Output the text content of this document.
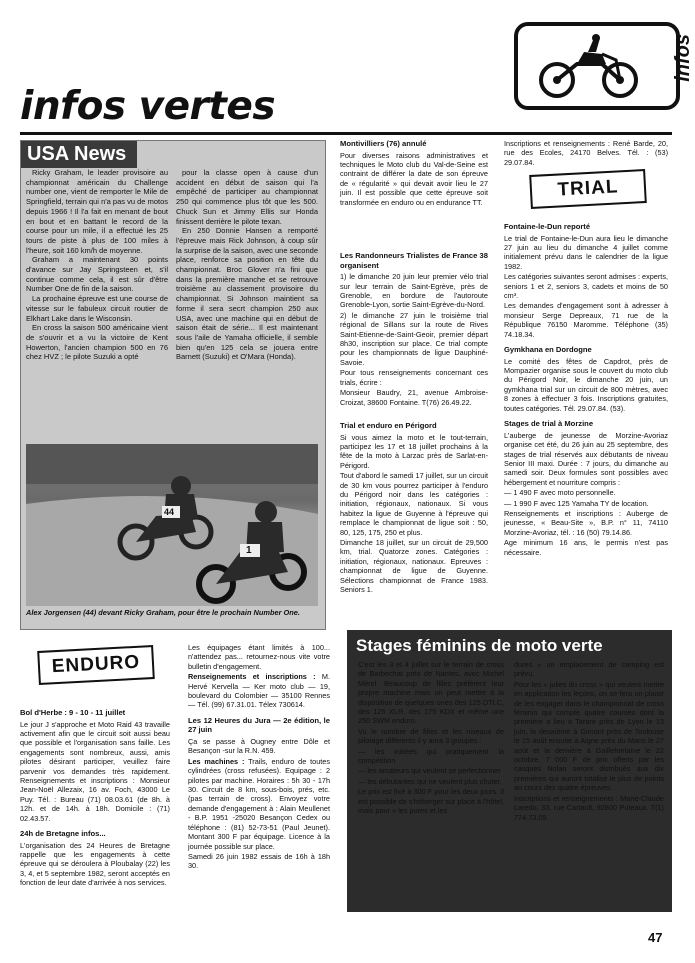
infos
infos vertes
USA News

Ricky Graham, le leader provisoire au championnat américain du Challenge number one, vient de remporter le Mile de Springfield, terrain qui n'a pas vu de motos depuis 1966 ! Il l'a fait en menant de bout en bout et en battant le record de la course pour un mile, il a effectué les 25 tours de piste à plus de 100 miles à l'heure, soit 160 km/h de moyenne.

Graham a maintenant 30 points d'avance sur Jay Springsteen et, s'il continue comme cela, il est sûr d'être Number One de fin de la saison.

La prochaine épreuve est une course de vitesse sur le fabuleux circuit routier de Elkhart Lake dans le Wisconsin.

En cross la saison 500 américaine vient de s'ouvrir et a vu la victoire de Kent Howerton, l'ancien champion 500 en 76 chez HVZ ; le pilote Suzuki a opté

pour la classe open à cause d'un accident en début de saison qui l'a empêché de participer au championnat 250 qui commence plus tôt que les 500. Chuck Sun et Jimmy Ellis sur Honda finissent derrière le pilote texan.

En 250 Donnie Hansen a remporté l'épreuve mais Rick Johnson, à coup sûr la surprise de la saison, avec une seconde place, renforce sa position en tête du championnat. Broc Glover n'a fini que dans la première manche et se retrouve troisième au classement provisoire du championnat. Si Johnson maintient sa forme il sera secrt champion 250 aux USA, avec une machine qui en début de saison était de série... Il est maintenant sous l'aile de Yamaha officielle, il semble bien qu'en 125 cela se jouera entre Barnett (Suzuki) et O'Mara (Honda).

44
1
Alex Jorgensen (44) devant Ricky Graham, pour être le prochain Number One.
Montivilliers (76) annulé

Pour diverses raisons administratives et techniques le Moto club du Val-de-Seine est contraint de différer la date de son épreuve de « régularité » qui devait avoir lieu le 27 juin. Il est possible que cette épreuve soit transformée en enduro ou en endurance TT.

Les Randonneurs Trialistes de France 38 organisent

1) le dimanche 20 juin leur premier vélo trial sur leur terrain de Saint-Egrève, près de Grenoble, en bordure de l'autoroute Grenoble-Lyon, sortie Saint-Egrève-du-Nord.

2) le dimanche 27 juin le troisième trial régional de Sillans sur la route de Rives Saint-Etienne-de-Saint-Geoir, premier départ 8h30, inscription sur place. Ce trial compte pour les championnats de ligue Dauphiné-Savoie.

Pour tous renseignements concernant ces trials, écrire :

Monsieur Baudry, 21, avenue Ambroise-Croizat, 38600 Fontaine. T(76) 26.49.22.

Trial et enduro en Périgord

Si vous aimez la moto et le tout-terrain, participez les 17 et 18 juillet prochains à la fête de la moto à Larzac près de Sarlat-en-Périgord.

Tout d'abord le samedi 17 juillet, sur un circuit de 30 km vous pourrez participer à l'enduro du Périgord noir dans les catégories : initiation, régionaux, nationaux. Si vous habitez la ligue de Guyenne à l'épreuve qui remplace le championnat de ligue soit : 50, 80, 125, 175, 250 et plus.

Dimanche 18 juillet, sur un circuit de 29,500 km, trial. Quatorze zones. Catégories : initiation, régionaux, nationaux. Epreuves : championnat de ligue de Guyenne. Sélections championnat de France 1983. Seniors 1.

Inscriptions et renseignements : René Barde, 20, rue des Ecoles, 24170 Belves. Tél. : (53) 29.07.84.
TRIAL
Fontaine-le-Dun reporté

Le trial de Fontaine-le-Dun aura lieu le dimanche 27 juin au lieu du dimanche 4 juillet comme initialement prévu dans le calendrier de la ligue 1982.

Les catégories suivantes seront admises : experts, seniors 1 et 2, seniors 3, cadets et moins de 50 cm³.

Les demandes d'engagement sont à adresser à monsieur Serge Depreaux, 71 rue de la République 76150 Maromme. Téléphone (35) 74.18.34.

Gymkhana en Dordogne

Le comité des fêtes de Capdrot, près de Mompazier organise sous le couvert du moto club du Périgord Noir, le dimanche 20 juin, un gymkhana trial sur un circuit de 800 mètres, avec 8 zones à effectuer 3 fois. Inscriptions gratuites, toutes catégories. Tél. 29.07.84. (53).

Stages de trial à Morzine

L'auberge de jeunesse de Morzine-Avoriaz organise cet été, du 26 juin au 25 septembre, des stages de trial réservés aux débutants de niveau Senior III maxi. Durée : 7 jours, du dimanche au samedi soir. Deux formules sont possibles avec hébergement et nourriture compris :

— 1 490 F avec moto personnelle.

— 1 990 F avec 125 Yamaha TY de location.

Renseignements et inscriptions : Auberge de jeunesse, « Beau-Site », B.P. n° 11, 74110 Morzine-Avoriaz, tél. : 16 (50) 79.14.86.

Age minimum 16 ans, le permis n'est pas nécessaire.

ENDURO
Bol d'Herbe : 9 - 10 - 11 juillet

Le jour J s'approche et Moto Raid 43 travaille activement afin que le circuit soit aussi beau que possible et l'organisation sans faille. Les engagements sont nombreux, aussi, amis pilotes désirant participer, veuillez faire parvenir vos demandes très rapidement. Renseignements et inscriptions : Monsieur Jean-Noël Allezaix, 16 av. Foch, 43000 Le Puy. Tél. : Bureau (71) 08.03.61 (de 8h. à 12h. et de 14h. à 18h. Domicile : (71) 02.43.57.

24h de Bretagne infos...

L'organisation des 24 Heures de Bretagne rappelle que les engagements à cette épreuve qui se déroulera à Ploubalay (22) les 3, 4, et 5 septembre 1982, seront acceptés en fonction de leur date d'arrivée à nos services.

Les équipages étant limités à 100... n'attendez pas... retournez-nous vite votre bulletin d'engagement.

Renseignements et inscriptions : M. Hervé Kervella — Ker moto club — 19, boulevard du Colombier — 35100 Rennes — Tél. (99) 67.31.01. Télex 730614.

Les 12 Heures du Jura — 2e édition, le 27 juin

Ça se passe à Ougney entre Dôle et Besançon -sur la R.N. 459.

Les machines : Trails, enduro de toutes cylindrées (cross refusées). Equipage : 2 pilotes par machine. Horaires : 5h 30 - 17h 30. Circuit de 8 km, sous-bois, prés, etc. (pas terrain de cross). Envoyez votre demande d'engagement à : Alain Meullenet - B.P. 1951 -25020 Besançon Cedex ou téléphone : (81) 52-73-51 (Paul Jeunet). Montant 300 F par équipage. Licence à la journée possible sur place.

Samedi 26 juin 1982 essais de 16h à 18h 30.

Stages féminins de moto verte

C'est les 3 et 4 juillet sur le terrain de cross de Barbechat près de Nantes, avec Michel Mérel. Beaucoup de filles préfèrent leur propre machine mais on peut mettre à la disposition de quelques unes des 125 DTLC, des 125 XLR, des 175 KDX et même une 250 SWM enduro.

Vu le nombre de filles et les niveaux de pilotage différents il y aura 3 groupes :

— les initiées qui pratiquement la compétition

— les amateurs qui veulent se perfectionner

— les débutantes qui ne veulent plus chuter.

Le prix est fixé à 300 F pour les deux jours. Il est possible de s'héberger sur place à l'hôtel, mais pour « les pures et les

dures » un emplacement de camping est prévu.

Pour les « julies du cross » qui veulent mettre en application les leçons, on se fera un plaisir de les engager dans le championnat de cross féminin qui compte quatre courses dont la première a lieu à Tarare près de Lyon le 13 juin, la deuxième à Gimont près de Toulouse le 15 août ensuite à Aigne près du Mans le 27 août et la dernière à Gaillefontaine le 22 octobre. 7 000 F de prix offerts par les casques Nolan seront distribués aux dix premières qui auront totalisé le plus de points au cours des quatre épreuves.

Inscriptions et renseignements : Marie-Claude Laredo, 33, rue Cartault, 92800 Puteaux. T(1) 774.73.09.

47
